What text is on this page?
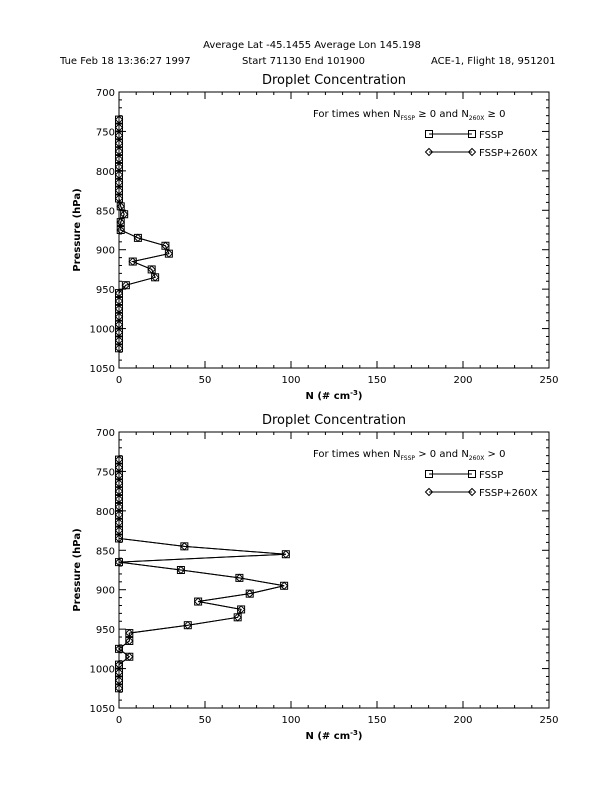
Average Lat -45.1455 Average Lon 145.198
Tue Feb 18 13:36:27 1997	Start 71130 End 101900	ACE-1, Flight 18, 951201
Droplet Concentration
0	50	100	150	200	250
700
750
800
850
900
950
1000
1050
N (# $cm^{-3}$)
Pressure (hPa)
For times when $N_{FSSP} \ge 0$ and $N_{260X} \ge 0$
FSSP
FSSP+260X
Droplet Concentration
0	50	100	150	200	250
700
750
800
850
900
950
1000
1050
N (# $cm^{-3}$)
Pressure (hPa)
For times when $N_{FSSP} > 0$ and $N_{260X} > 0$
FSSP
FSSP+260X
